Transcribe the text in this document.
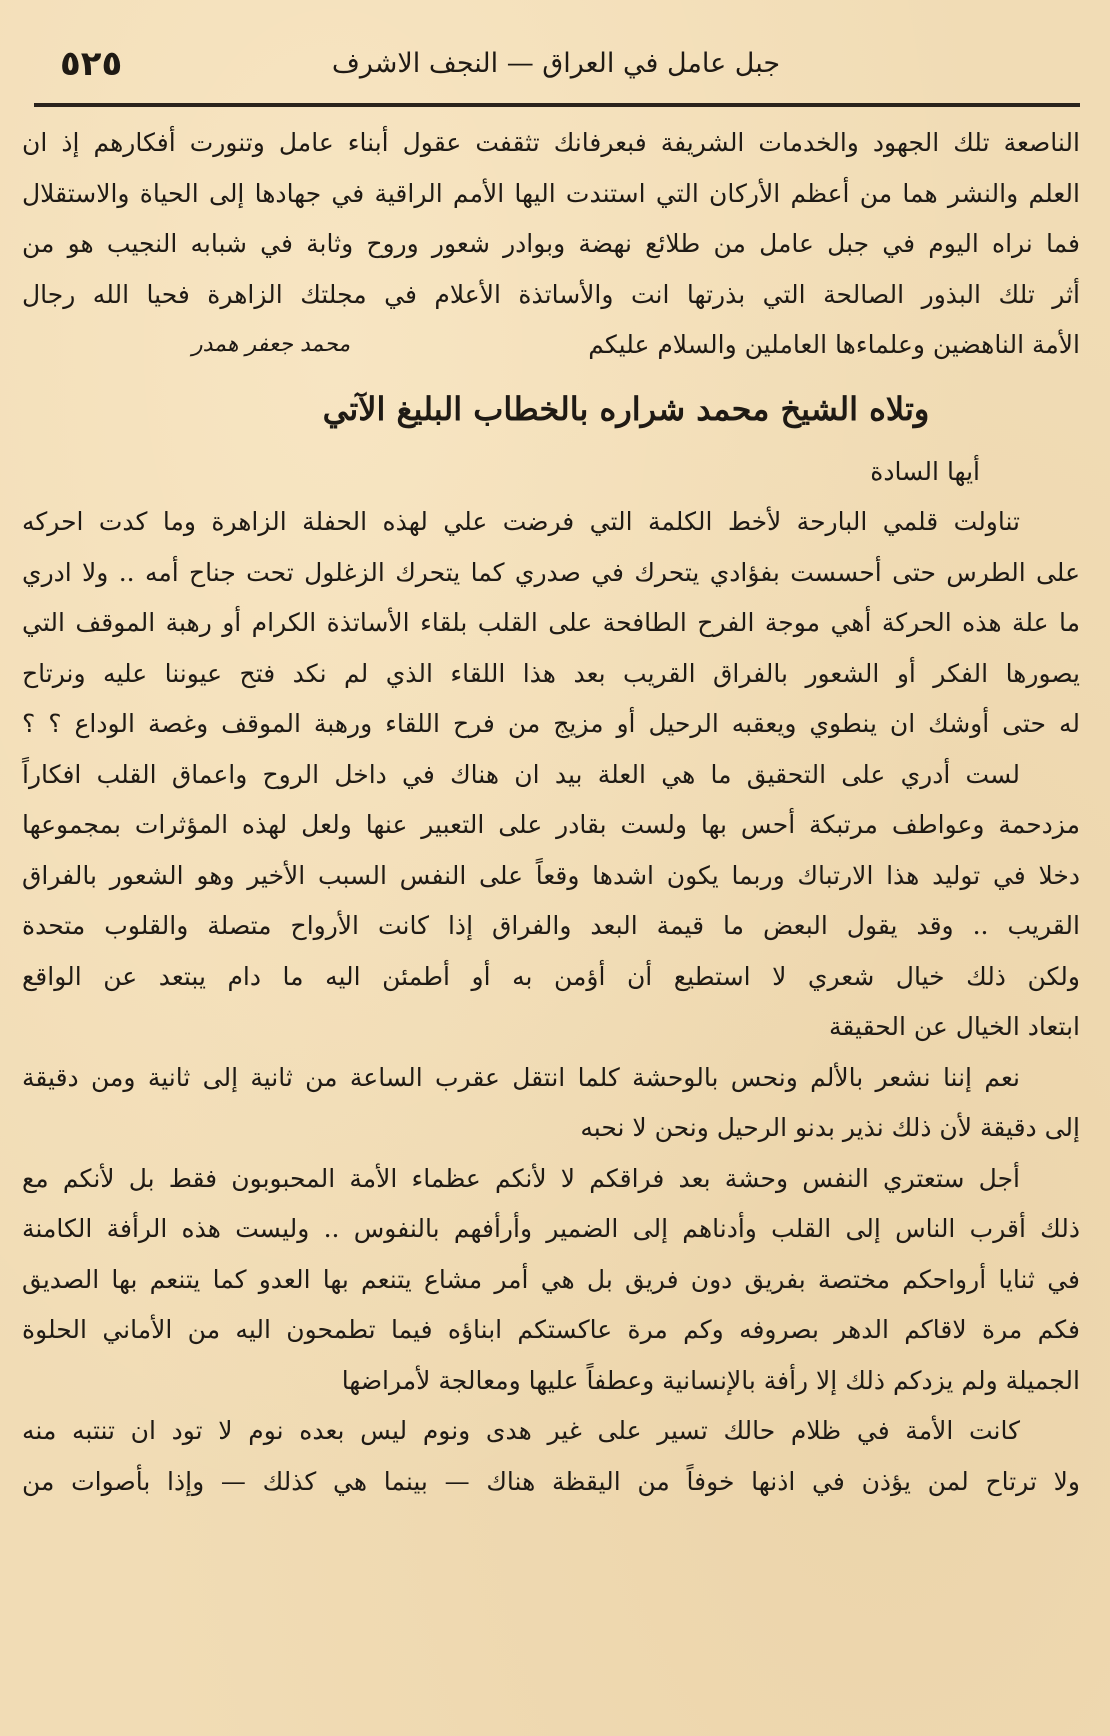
٥٢٥	جبل عامل في العراق — النجف الاشرف
الناصعة تلك الجهود والخدمات الشريفة فبعرفانك تثقفت عقول أبناء عامل وتنورت أفكارهم إذ ان
العلم والنشر هما من أعظم الأركان التي استندت اليها الأمم الراقية في جهادها إلى الحياة والاستقلال
فما نراه اليوم في جبل عامل من طلائع نهضة وبوادر شعور وروح وثابة في شبابه النجيب هو من
أثر تلك البذور الصالحة التي بذرتها انت والأساتذة الأعلام في مجلتك الزاهرة فحيا الله رجال
الأمة الناهضين وعلماءها العاملين والسلام عليكم
محمد جعفر همدر
وتلاه الشيخ محمد شراره بالخطاب البليغ الآتي
أيها السادة
تناولت قلمي البارحة لأخط الكلمة التي فرضت علي لهذه الحفلة الزاهرة وما كدت احركه
على الطرس حتى أحسست بفؤادي يتحرك في صدري كما يتحرك الزغلول تحت جناح أمه .. ولا ادري
ما علة هذه الحركة أهي موجة الفرح الطافحة على القلب بلقاء الأساتذة الكرام أو رهبة الموقف التي
يصورها الفكر أو الشعور بالفراق القريب بعد هذا اللقاء الذي لم نكد فتح عيوننا عليه ونرتاح
له حتى أوشك ان ينطوي ويعقبه الرحيل أو مزيج من فرح اللقاء ورهبة الموقف وغصة الوداع ؟ ؟
لست أدري على التحقيق ما هي العلة بيد ان هناك في داخل الروح واعماق القلب افكاراً
مزدحمة وعواطف مرتبكة أحس بها ولست بقادر على التعبير عنها ولعل لهذه المؤثرات بمجموعها
دخلا في توليد هذا الارتباك وربما يكون اشدها وقعاً على النفس السبب الأخير وهو الشعور بالفراق
القريب .. وقد يقول البعض ما قيمة البعد والفراق إذا كانت الأرواح متصلة والقلوب متحدة
ولكن ذلك خيال شعري لا استطيع أن أؤمن به أو أطمئن اليه ما دام يبتعد عن الواقع
ابتعاد الخيال عن الحقيقة
نعم إننا نشعر بالألم ونحس بالوحشة كلما انتقل عقرب الساعة من ثانية إلى ثانية ومن دقيقة
إلى دقيقة لأن ذلك نذير بدنو الرحيل ونحن لا نحبه
أجل ستعتري النفس وحشة بعد فراقكم لا لأنكم عظماء الأمة المحبوبون فقط بل لأنكم مع
ذلك أقرب الناس إلى القلب وأدناهم إلى الضمير وأرأفهم بالنفوس .. وليست هذه الرأفة الكامنة
في ثنايا أرواحكم مختصة بفريق دون فريق بل هي أمر مشاع يتنعم بها العدو كما يتنعم بها الصديق
فكم مرة لاقاكم الدهر بصروفه وكم مرة عاكستكم ابناؤه فيما تطمحون اليه من الأماني الحلوة
الجميلة ولم يزدكم ذلك إلا رأفة بالإنسانية وعطفاً عليها ومعالجة لأمراضها
كانت الأمة في ظلام حالك تسير على غير هدى ونوم ليس بعده نوم لا تود ان تنتبه منه
ولا ترتاح لمن يؤذن في اذنها خوفاً من اليقظة هناك — بينما هي كذلك — وإذا بأصوات من
